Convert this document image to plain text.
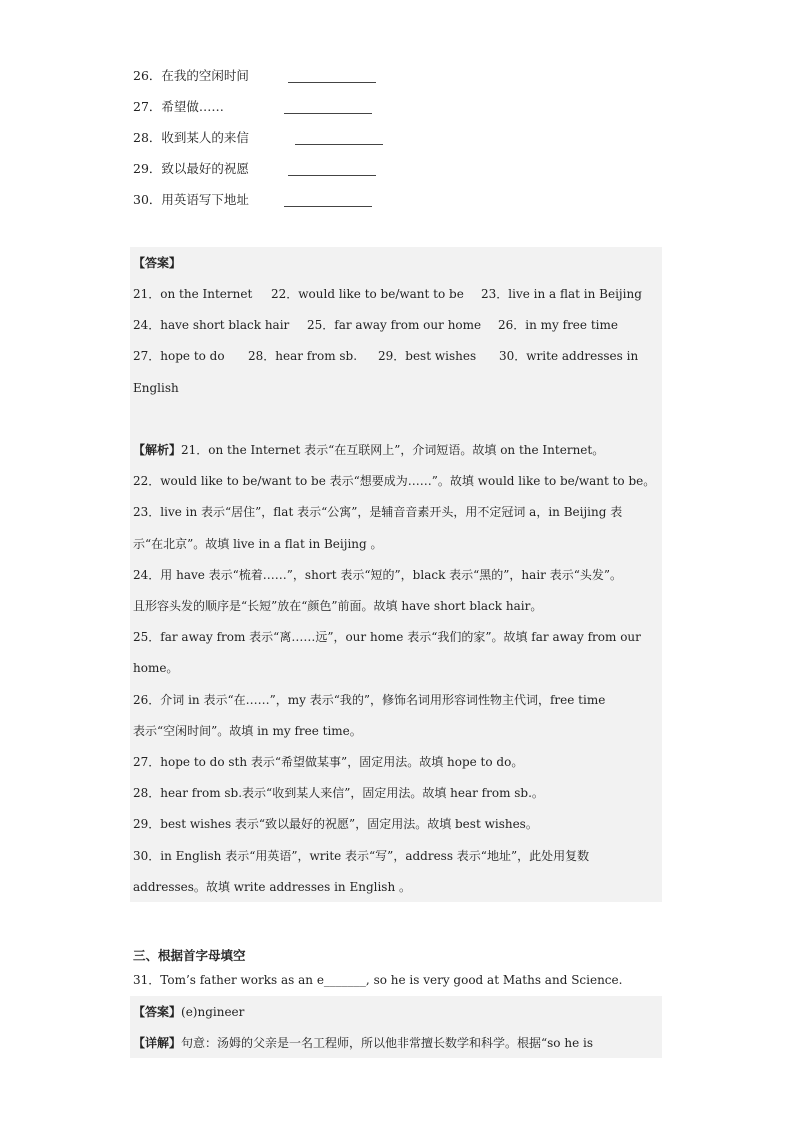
26．在我的空闲时间
27．希望做……
28．收到某人的来信
29．致以最好的祝愿
30．用英语写下地址
【答案】
21．on the Internet 22．would like to be/want to be 23．live in a flat in Beijing
24．have short black hair 25．far away from our home 26．in my free time
27．hope to do 28．hear from sb. 29．best wishes 30．write addresses in
English
【解析】21．on the Internet 表示“在互联网上”，介词短语。故填 on the Internet。
22．would like to be/want to be 表示“想要成为……”。故填 would like to be/want to be。
23．live in 表示“居住”，flat 表示“公寓”，是辅音音素开头，用不定冠词 a，in Beijing 表
示“在北京”。故填 live in a flat in Beijing 。
24．用 have 表示“梳着……”，short 表示“短的”，black 表示“黑的”，hair 表示“头发”。
且形容头发的顺序是“长短”放在“颜色”前面。故填 have short black hair。
25．far away from 表示“离……远”，our home 表示“我们的家”。故填 far away from our
home。
26．介词 in 表示“在……”，my 表示“我的”，修饰名词用形容词性物主代词，free time
表示“空闲时间”。故填 in my free time。
27．hope to do sth 表示“希望做某事”，固定用法。故填 hope to do。
28．hear from sb.表示“收到某人来信”，固定用法。故填 hear from sb.。
29．best wishes 表示“致以最好的祝愿”，固定用法。故填 best wishes。
30．in English 表示“用英语”，write 表示“写”，address 表示“地址”，此处用复数
addresses。故填 write addresses in English 。
三、根据首字母填空
31．Tom’s father works as an e_______, so he is very good at Maths and Science.
【答案】(e)ngineer
【详解】句意：汤姆的父亲是一名工程师，所以他非常擅长数学和科学。根据“so he is
